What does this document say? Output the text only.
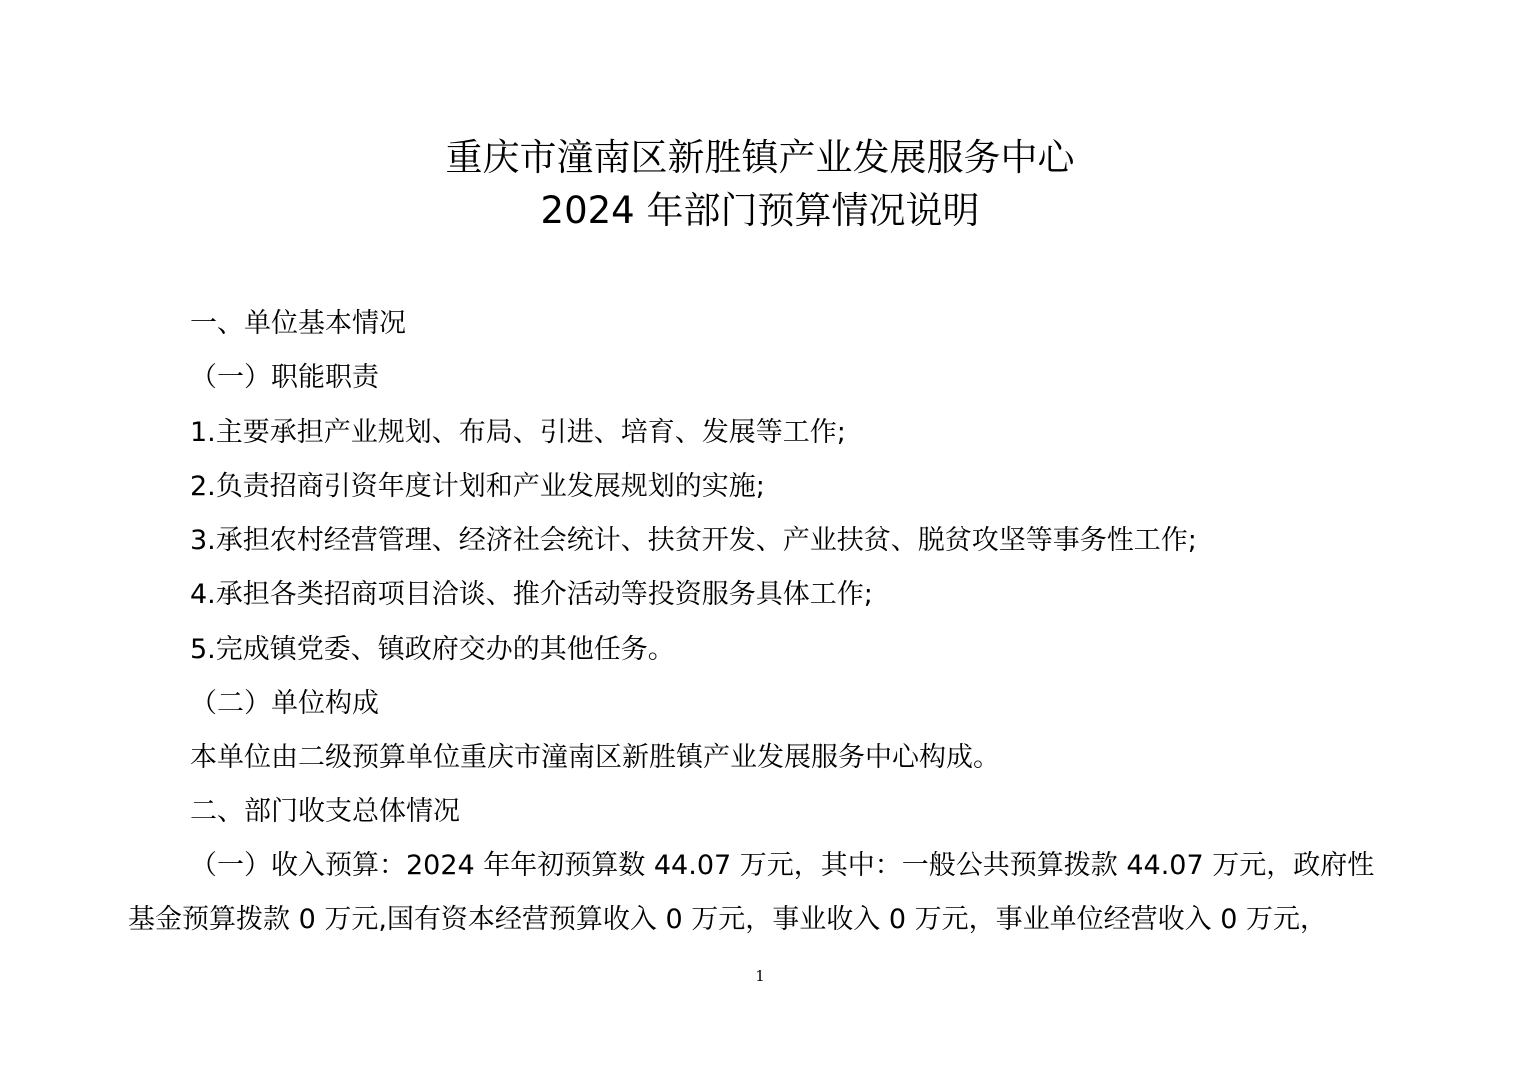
重庆市潼南区新胜镇产业发展服务中心
2024 年部门预算情况说明
一、单位基本情况
（一）职能职责
1.主要承担产业规划、布局、引进、培育、发展等工作;
2.负责招商引资年度计划和产业发展规划的实施;
3.承担农村经营管理、经济社会统计、扶贫开发、产业扶贫、脱贫攻坚等事务性工作;
4.承担各类招商项目洽谈、推介活动等投资服务具体工作;
5.完成镇党委、镇政府交办的其他任务。
（二）单位构成
本单位由二级预算单位重庆市潼南区新胜镇产业发展服务中心构成。
二、部门收支总体情况
（一）收入预算：2024 年年初预算数 44.07 万元，其中：一般公共预算拨款 44.07 万元，政府性
基金预算拨款 0 万元,国有资本经营预算收入 0 万元，事业收入 0 万元，事业单位经营收入 0 万元，
1
